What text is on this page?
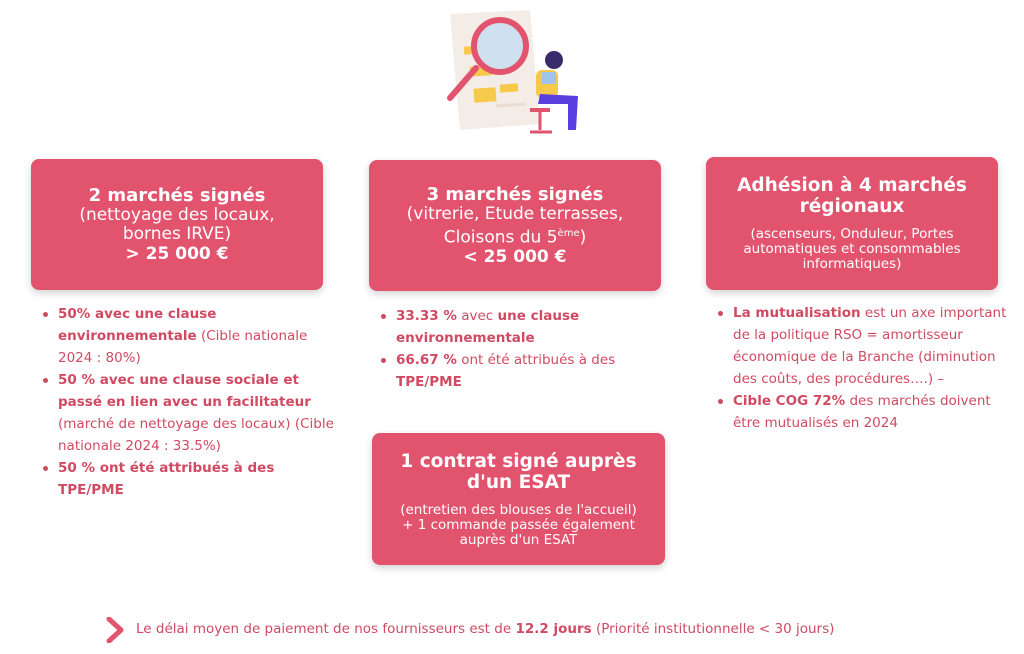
2 marchés signés
(nettoyage des locaux,
bornes IRVE)
> 25 000 €
3 marchés signés
(vitrerie, Etude terrasses,
Cloisons du 5ème)
< 25 000 €
Adhésion à 4 marchés
régionaux
(ascenseurs, Onduleur, Portes
automatiques et consommables
informatiques)
50% avec une clause environnementale (Cible nationale 2024 : 80%)
50 % avec une clause sociale et passé en lien avec un facilitateur (marché de nettoyage des locaux) (Cible nationale 2024 : 33.5%)
50 % ont été attribués à des TPE/PME
33.33 % avec une clause environnementale
66.67 % ont été attribués à des TPE/PME
La mutualisation est un axe important de la politique RSO = amortisseur économique de la Branche (diminution des coûts, des procédures….) –
Cible COG 72% des marchés doivent être mutualisés en 2024
1 contrat signé auprès
d'un ESAT
(entretien des blouses de l'accueil)
+ 1 commande passée également
auprès d'un ESAT
Le délai moyen de paiement de nos fournisseurs est de 12.2 jours (Priorité institutionnelle < 30 jours)
